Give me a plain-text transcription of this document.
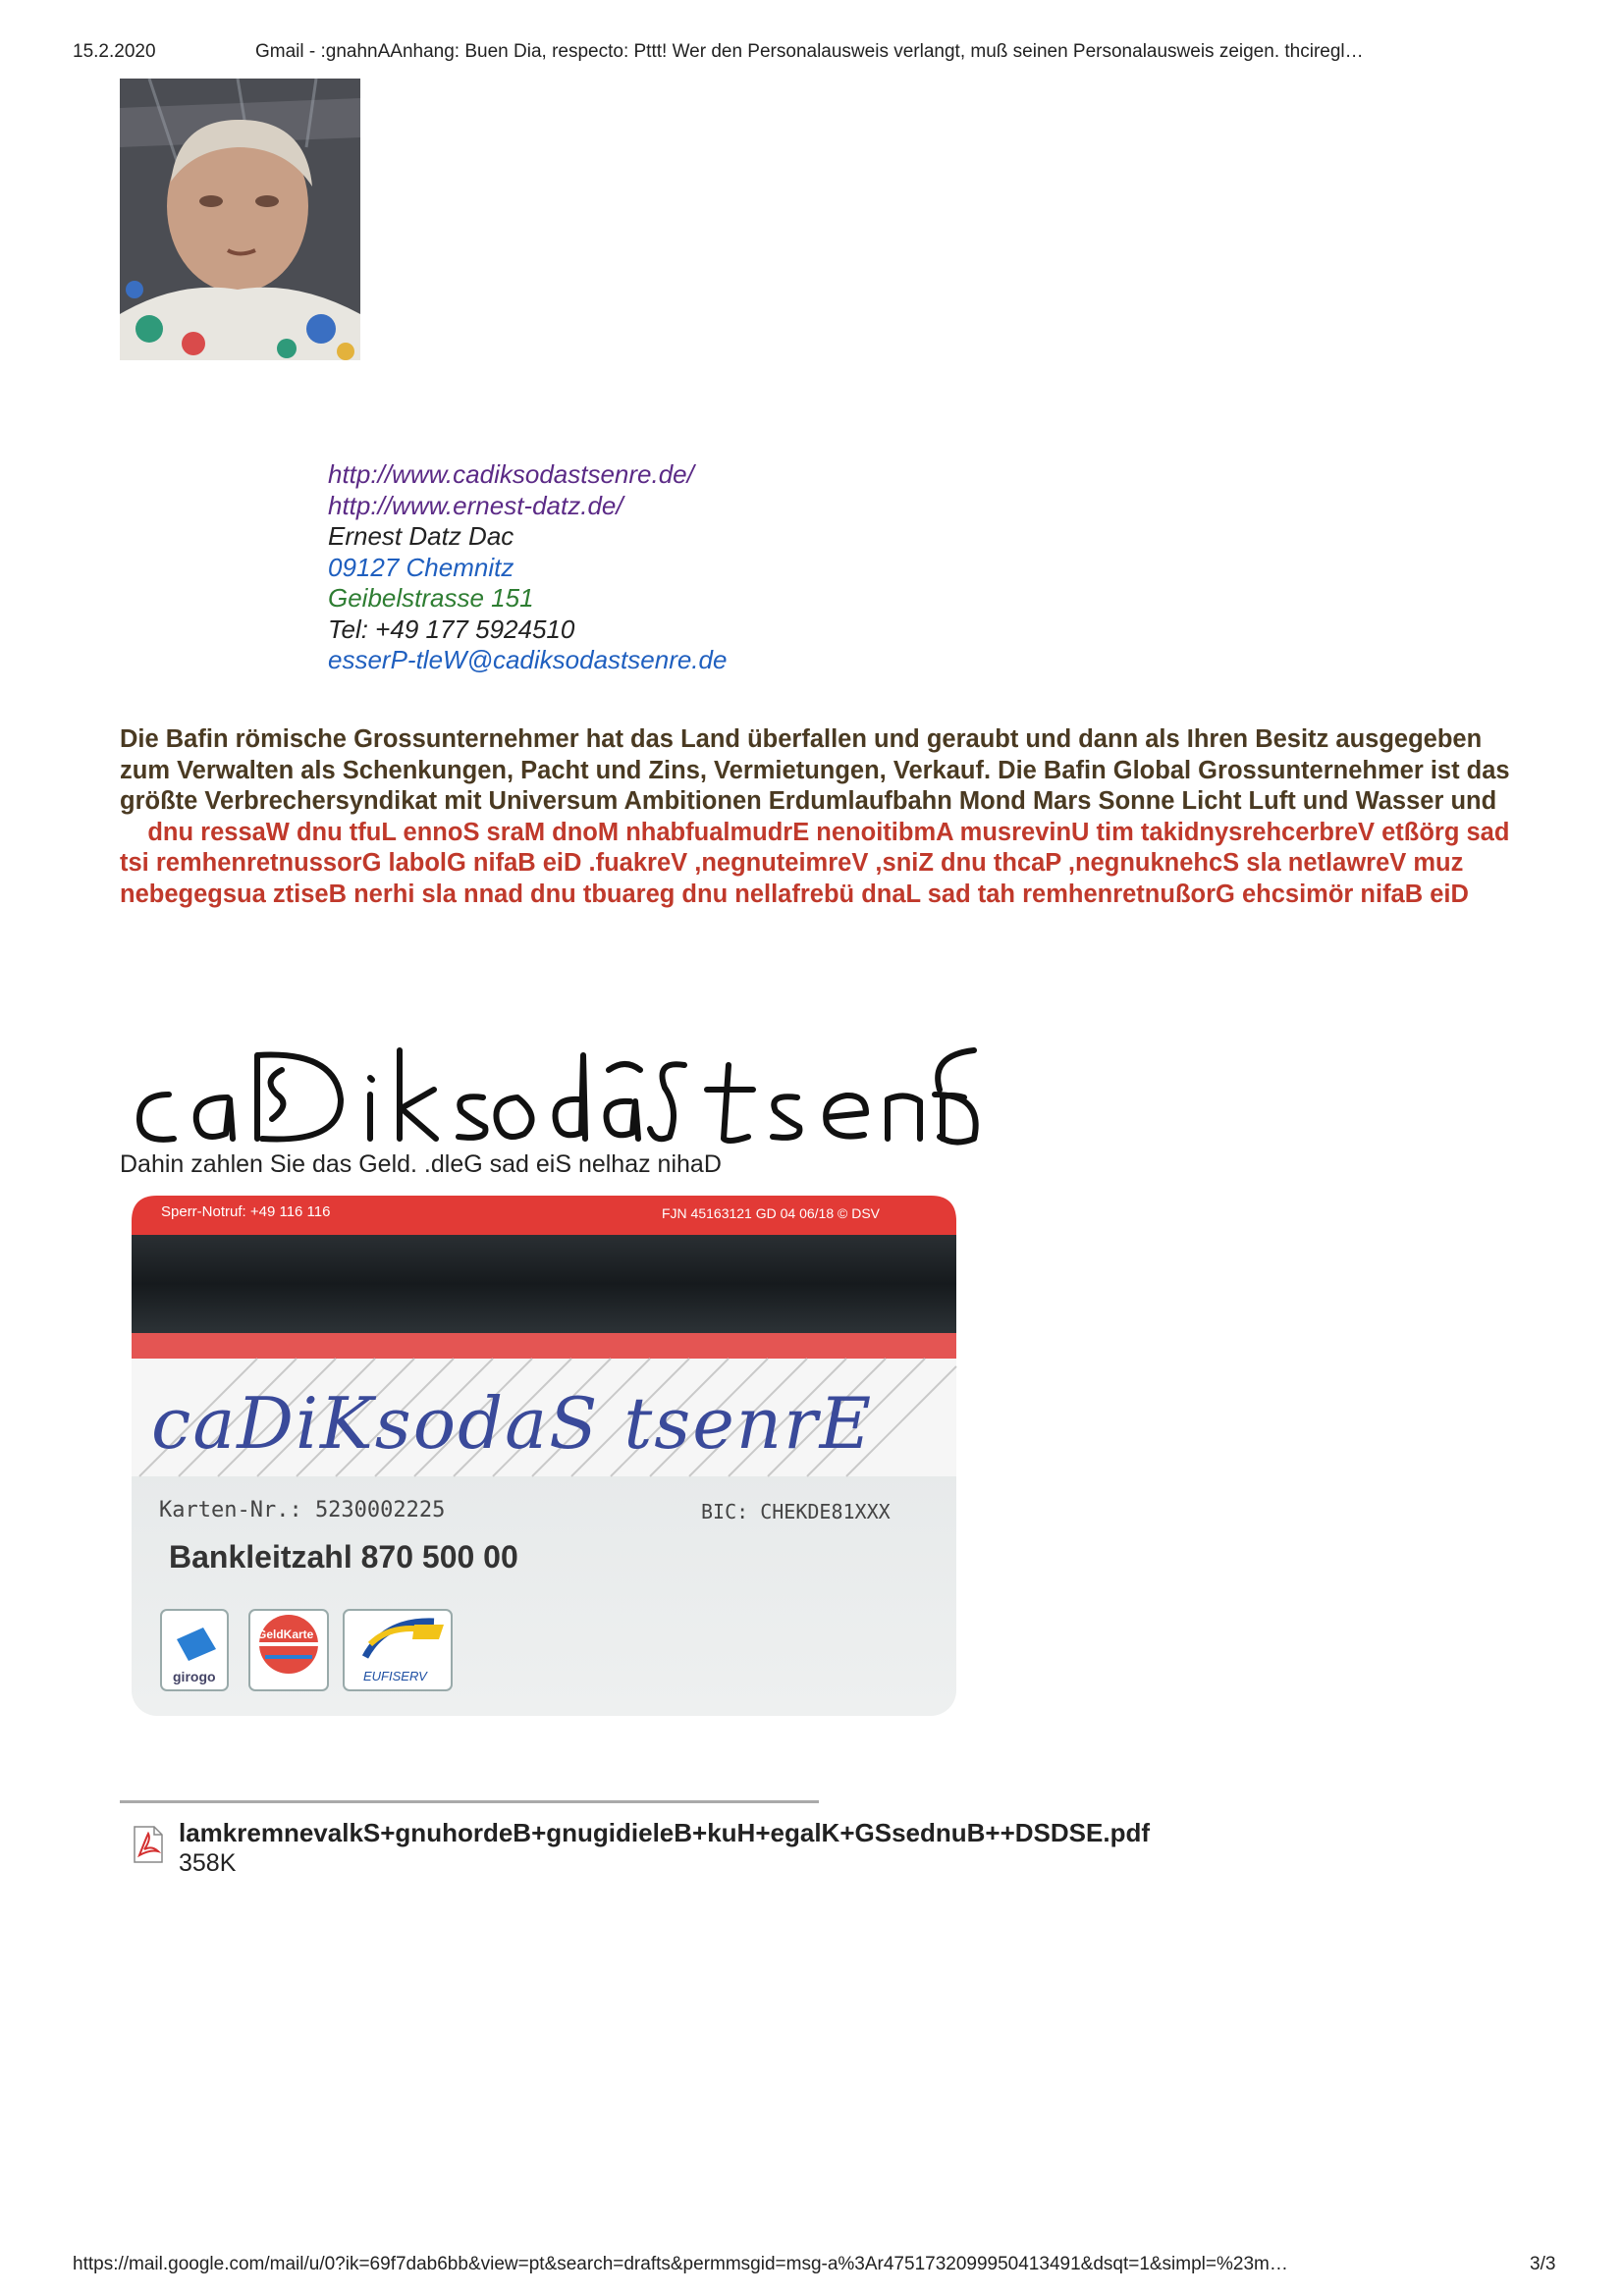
15.2.2020	Gmail - :gnahnAAnhang: Buen Dia, respecto: Pttt! Wer den Personalausweis verlangt, muß seinen Personalausweis zeigen. thciregl…
http://www.cadiksodastsenre.de/
http://www.ernest-datz.de/
Ernest Datz Dac
09127 Chemnitz
Geibelstrasse 151
Tel: +49 177 5924510
esserP-tleW@cadiksodastsenre.de
Die Bafin römische Grossunternehmer hat das Land überfallen und geraubt und dann als Ihren Besitz ausgegeben zum Verwalten als Schenkungen, Pacht und Zins, Vermietungen, Verkauf. Die Bafin Global Grossunternehmer ist das größte Verbrechersyndikat mit Universum Ambitionen Erdumlaufbahn Mond Mars Sonne Licht Luft und Wasser und     dnu ressaW dnu tfuL ennoS sraM dnoM nhabfualmudrE nenoitibmA musrevinU tim takidnysrehcerbreV etßörg sad tsi remhenretnussorG labolG nifaB eiD .fuakreV ,negnuteimreV ,sniZ dnu thcaP ,negnuknehcS sla netlawreV muz nebegegsua ztiseB nerhi sla nnad dnu tbuareg dnu nellafrebü dnaL sad tah remhenretnußorG ehcsimör nifaB eiD
Dahin zahlen Sie das Geld. .dleG sad eiS nelhaz nihaD
Sperr-Notruf: +49 116 116	FJN 45163121 GD 04 06/18 © DSV
caDiKsodaS tsenrE
Karten-Nr.: 5230002225	BIC: CHEKDE81XXX
Bankleitzahl 870 500 00
girogo
GeldKarte
EUFISERV
lamkremnevalkS+gnuhordeB+gnugidieleB+kuH+egalK+GSsednuB++DSDSE.pdf
358K
https://mail.google.com/mail/u/0?ik=69f7dab6bb&view=pt&search=drafts&permmsgid=msg-a%3Ar4751732099950413491&dsqt=1&simpl=%23m…	3/3
